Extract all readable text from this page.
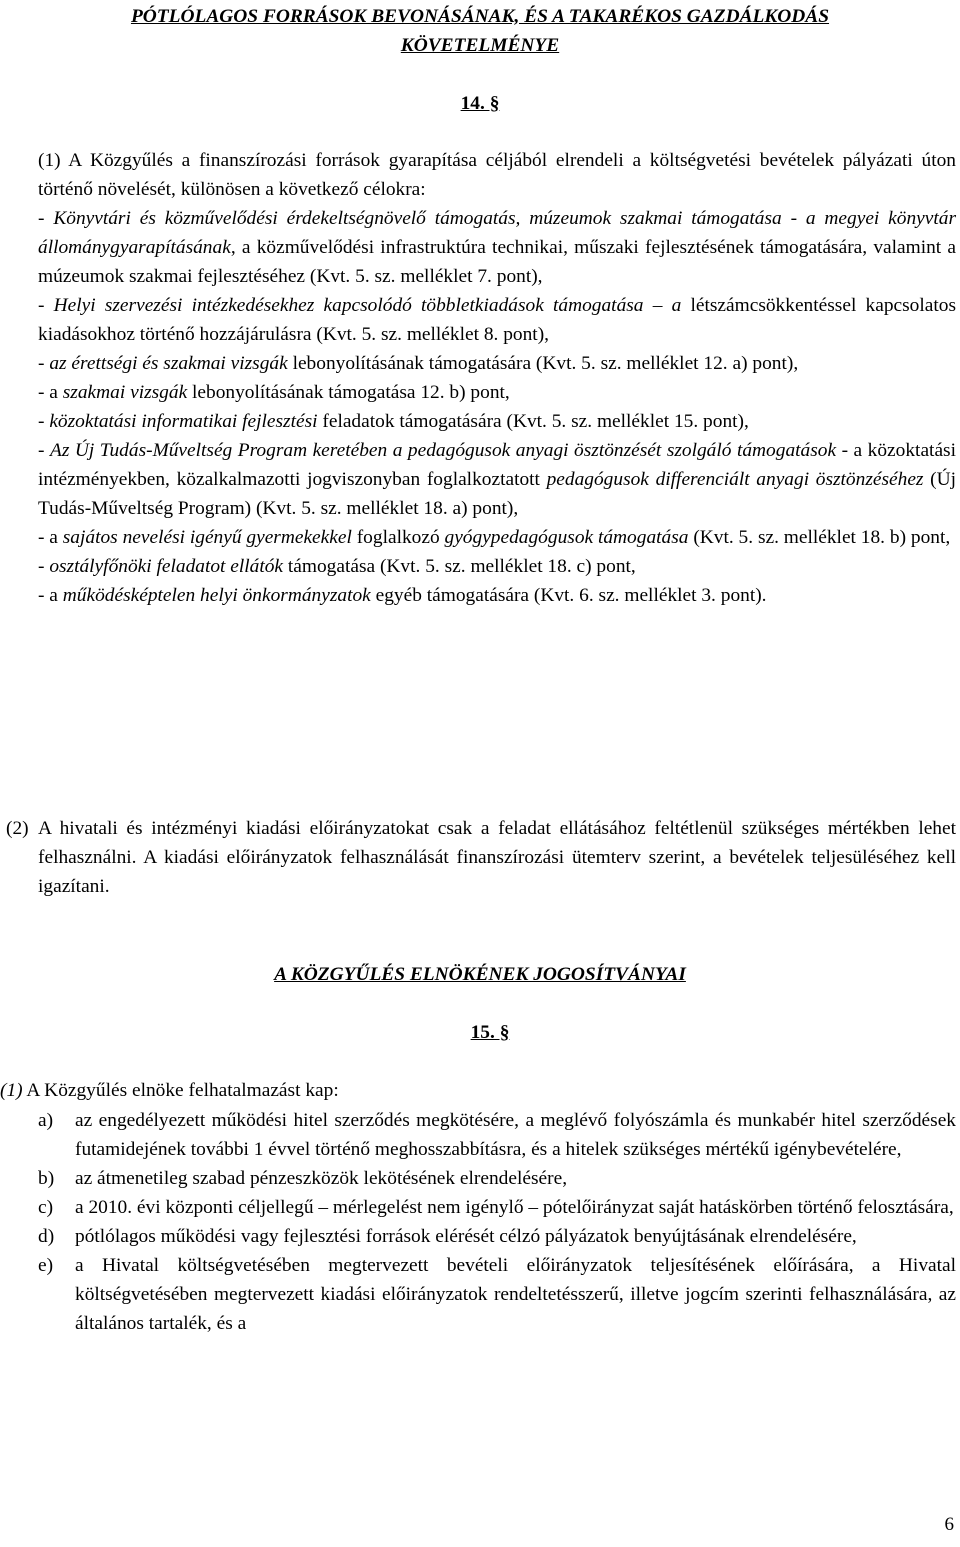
PÓTLÓLAGOS FORRÁSOK BEVONÁSÁNAK, ÉS A TAKARÉKOS GAZDÁLKODÁS
KÖVETELMÉNYE
14. §
(1) A Közgyűlés a finanszírozási források gyarapítása céljából elrendeli a költségvetési bevételek pályázati úton történő növelését, különösen a következő célokra:
- Könyvtári és közművelődési érdekeltségnövelő támogatás, múzeumok szakmai támogatása - a megyei könyvtár állománygyarapításának, a közművelődési infrastruktúra technikai, műszaki fejlesztésének támogatására, valamint a múzeumok szakmai fejlesztéséhez (Kvt. 5. sz. melléklet 7. pont),
- Helyi szervezési intézkedésekhez kapcsolódó többletkiadások támogatása – a létszámcsökkentéssel kapcsolatos kiadásokhoz történő hozzájárulásra (Kvt. 5. sz. melléklet 8. pont),
- az érettségi és szakmai vizsgák lebonyolításának támogatására (Kvt. 5. sz. melléklet 12. a) pont),
- a szakmai vizsgák lebonyolításának támogatása 12. b) pont,
- közoktatási informatikai fejlesztési feladatok támogatására (Kvt. 5. sz. melléklet 15. pont),
- Az Új Tudás-Műveltség Program keretében a pedagógusok anyagi ösztönzését szolgáló támogatások - a közoktatási intézményekben, közalkalmazotti jogviszonyban foglalkoztatott pedagógusok differenciált anyagi ösztönzéséhez (Új Tudás-Műveltség Program) (Kvt. 5. sz. melléklet 18. a) pont),
- a sajátos nevelési igényű gyermekekkel foglalkozó gyógypedagógusok támogatása (Kvt. 5. sz. melléklet 18. b) pont,
- osztályfőnöki feladatot ellátók támogatása (Kvt. 5. sz. melléklet 18. c) pont,
- a működésképtelen helyi önkormányzatok egyéb támogatására (Kvt. 6. sz. melléklet 3. pont).
(2) A hivatali és intézményi kiadási előirányzatokat csak a feladat ellátásához feltétlenül szükséges mértékben lehet felhasználni. A kiadási előirányzatok felhasználását finanszírozási ütemterv szerint, a bevételek teljesüléséhez kell igazítani.
A KÖZGYŰLÉS ELNÖKÉNEK JOGOSÍTVÁNYAI
15. §
(1) A Közgyűlés elnöke felhatalmazást kap:
a) az engedélyezett működési hitel szerződés megkötésére, a meglévő folyószámla és munkabér hitel szerződések futamidejének további 1 évvel történő meghosszabbításra, és a hitelek szükséges mértékű igénybevételére,
b) az átmenetileg szabad pénzeszközök lekötésének elrendelésére,
c) a 2010. évi központi céljellegű – mérlegelést nem igénylő – pótelőirányzat saját hatáskörben történő felosztására,
d) pótlólagos működési vagy fejlesztési források elérését célzó pályázatok benyújtásának elrendelésére,
e) a Hivatal költségvetésében megtervezett bevételi előirányzatok teljesítésének előírására, a Hivatal költségvetésében megtervezett kiadási előirányzatok rendeltetésszerű, illetve jogcím szerinti felhasználására, az általános tartalék, és a
6
